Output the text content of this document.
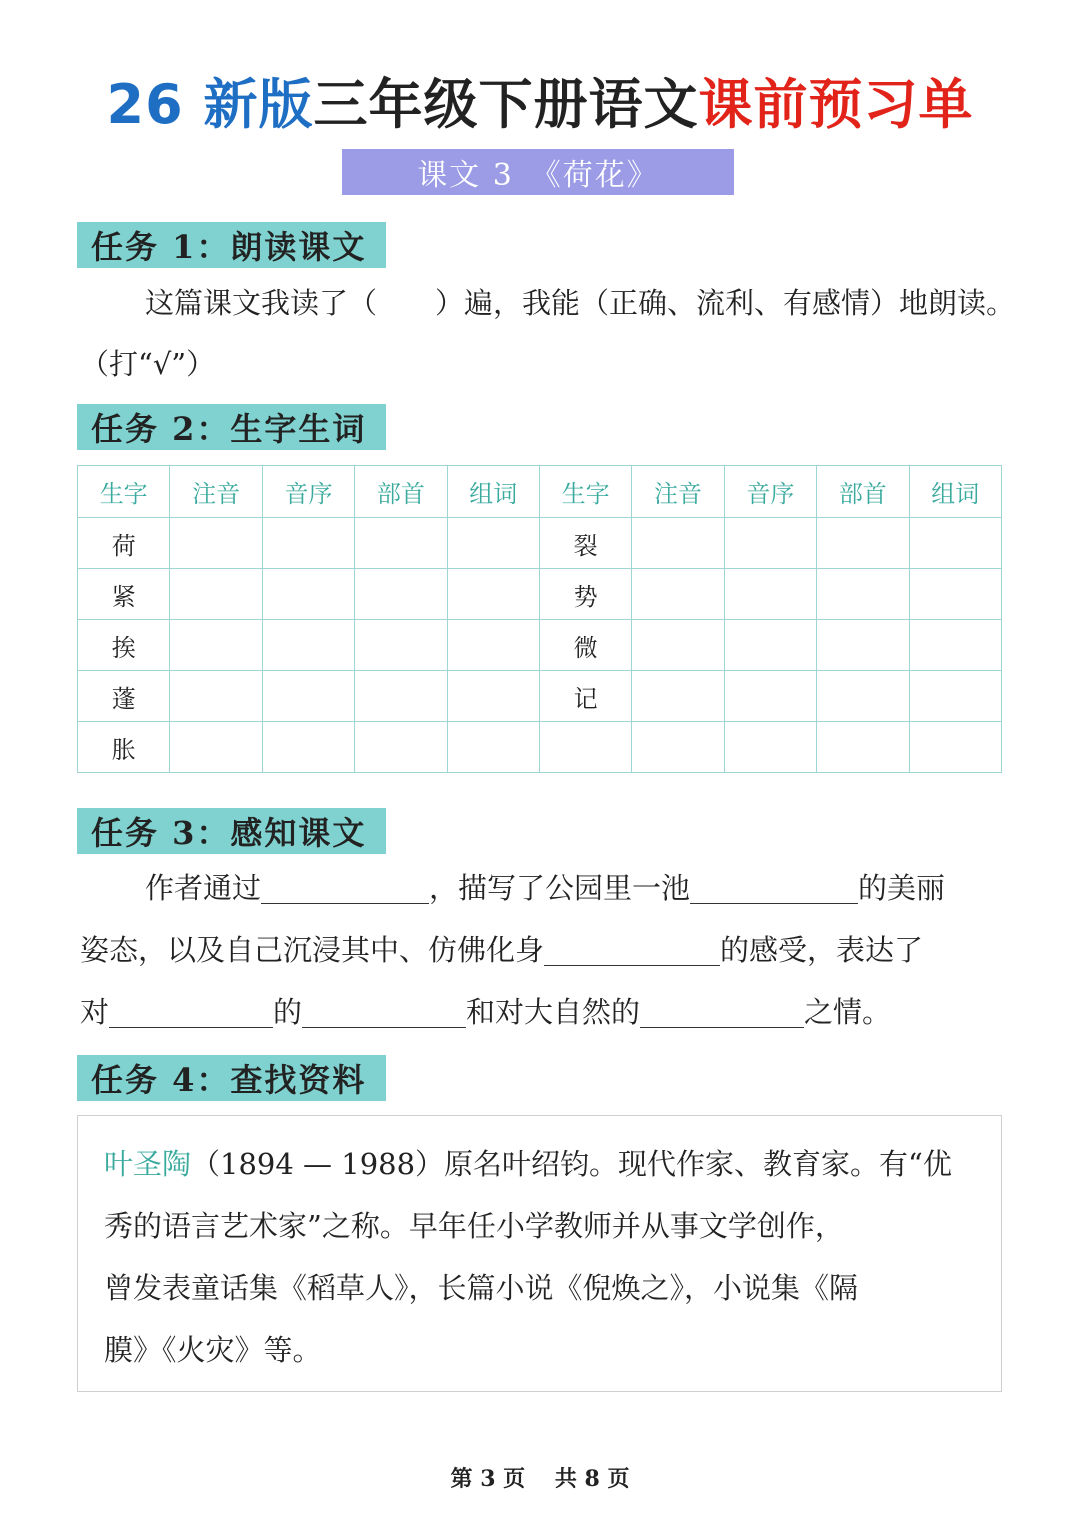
26 新版三年级下册语文课前预习单
课文 3　《荷花》
任务 1：朗读课文
这篇课文我读了（　　）遍，我能（正确、流利、有感情）地朗读。
（打“√”）
任务 2：生字生词
生字	注音	音序	部首	组词	生字	注音	音序	部首	组词
荷					裂				
紧					势				
挨					微				
蓬					记				
胀									
任务 3：感知课文
作者通过	，描写了公园里一池	的美丽
姿态，以及自己沉浸其中、仿佛化身	的感受，表达了
对	的	和对大自然的	之情。
任务 4：查找资料
叶圣陶（1894 — 1988）原名叶绍钧。现代作家、教育家。有“优
秀的语言艺术家”之称。早年任小学教师并从事文学创作，
曾发表童话集《稻草人》，长篇小说《倪焕之》，小说集《隔
膜》《火灾》等。
第 3 页　 共 8 页
